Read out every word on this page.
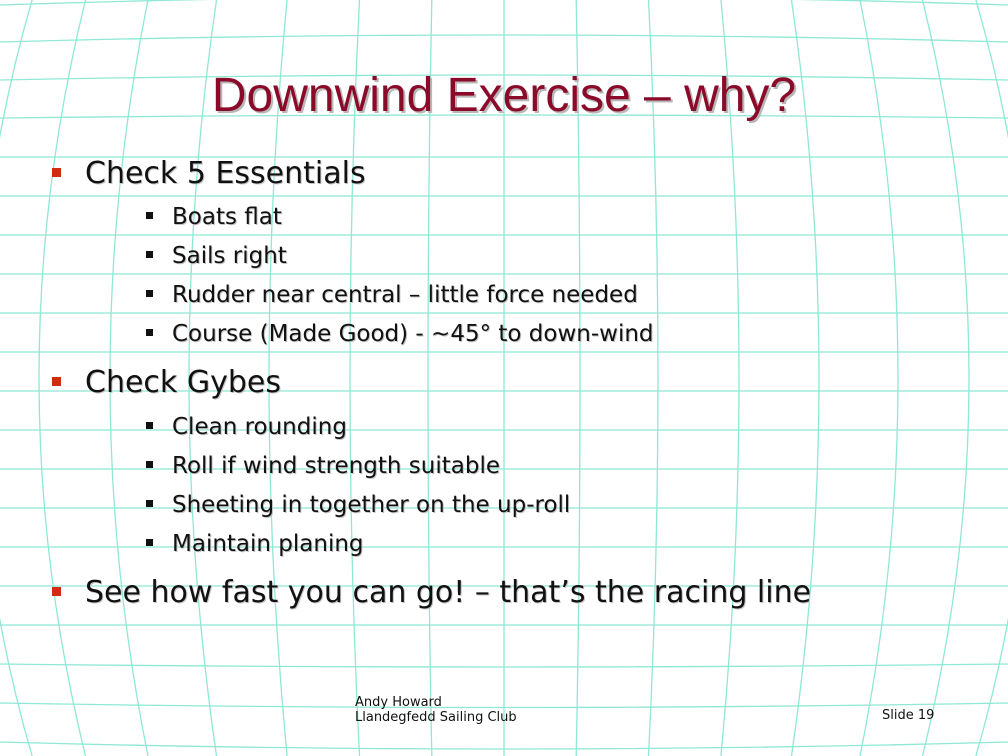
Downwind Exercise – why?
Check 5 Essentials
Boats flat
Sails right
Rudder near central – little force needed
Course (Made Good) - ~45° to down-wind
Check Gybes
Clean rounding
Roll if wind strength suitable
Sheeting in together on the up-roll
Maintain planing
See how fast you can go! – that’s the racing line
Andy Howard
Llandegfedd Sailing Club	Slide 19
